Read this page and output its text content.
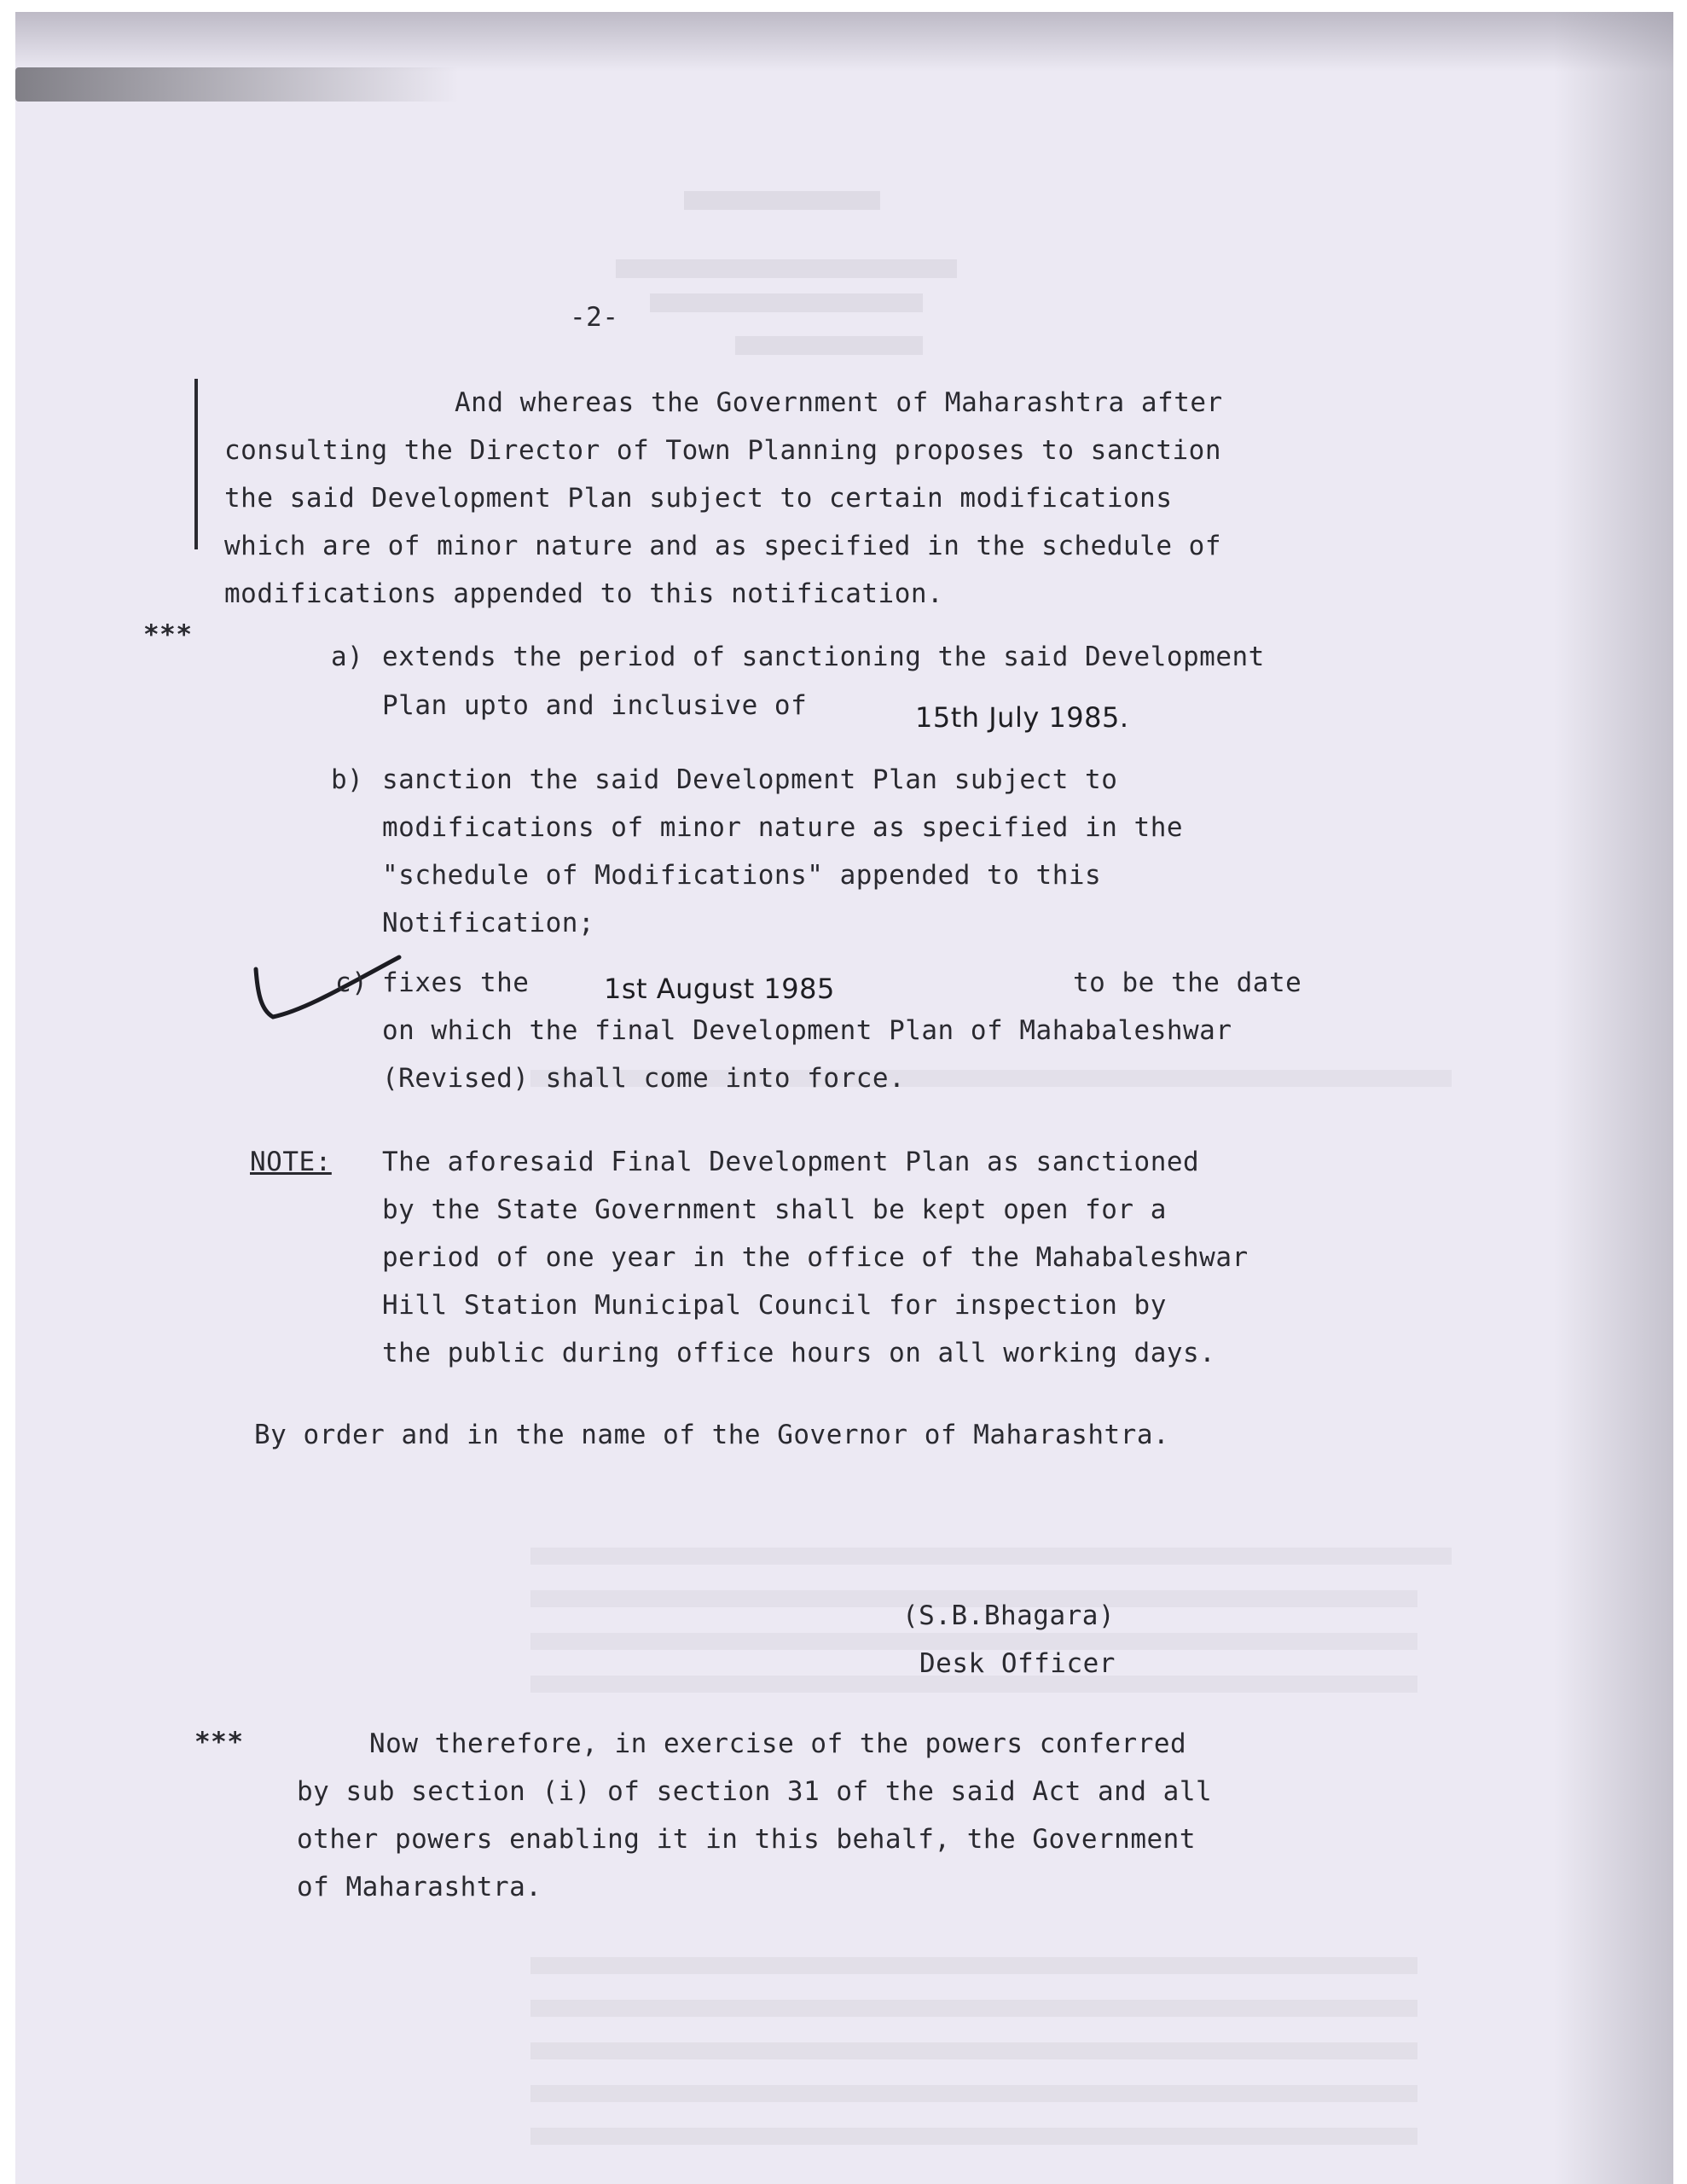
-2-
And whereas the Government of Maharashtra after
consulting the Director of Town Planning proposes to sanction
the said Development Plan subject to certain modifications
which are of minor nature and as specified in the schedule of
modifications appended to this notification.
***
a) extends the period of sanctioning the said Development
Plan upto and inclusive of	15th July 1985.
b) sanction the said Development Plan subject to
modifications of minor nature as specified in the
"schedule of Modifications" appended to this
Notification;
c) fixes the	1st August 1985	to be the date
on which the final Development Plan of Mahabaleshwar
(Revised) shall come into force.
NOTE: The aforesaid Final Development Plan as sanctioned
by the State Government shall be kept open for a
period of one year in the office of the Mahabaleshwar
Hill Station Municipal Council for inspection by
the public during office hours on all working days.
By order and in the name of the Governor of Maharashtra.
(S.B.Bhagara)
Desk Officer
***	Now therefore, in exercise of the powers conferred
by sub section (i) of section 31 of the said Act and all
other powers enabling it in this behalf, the Government
of Maharashtra.
